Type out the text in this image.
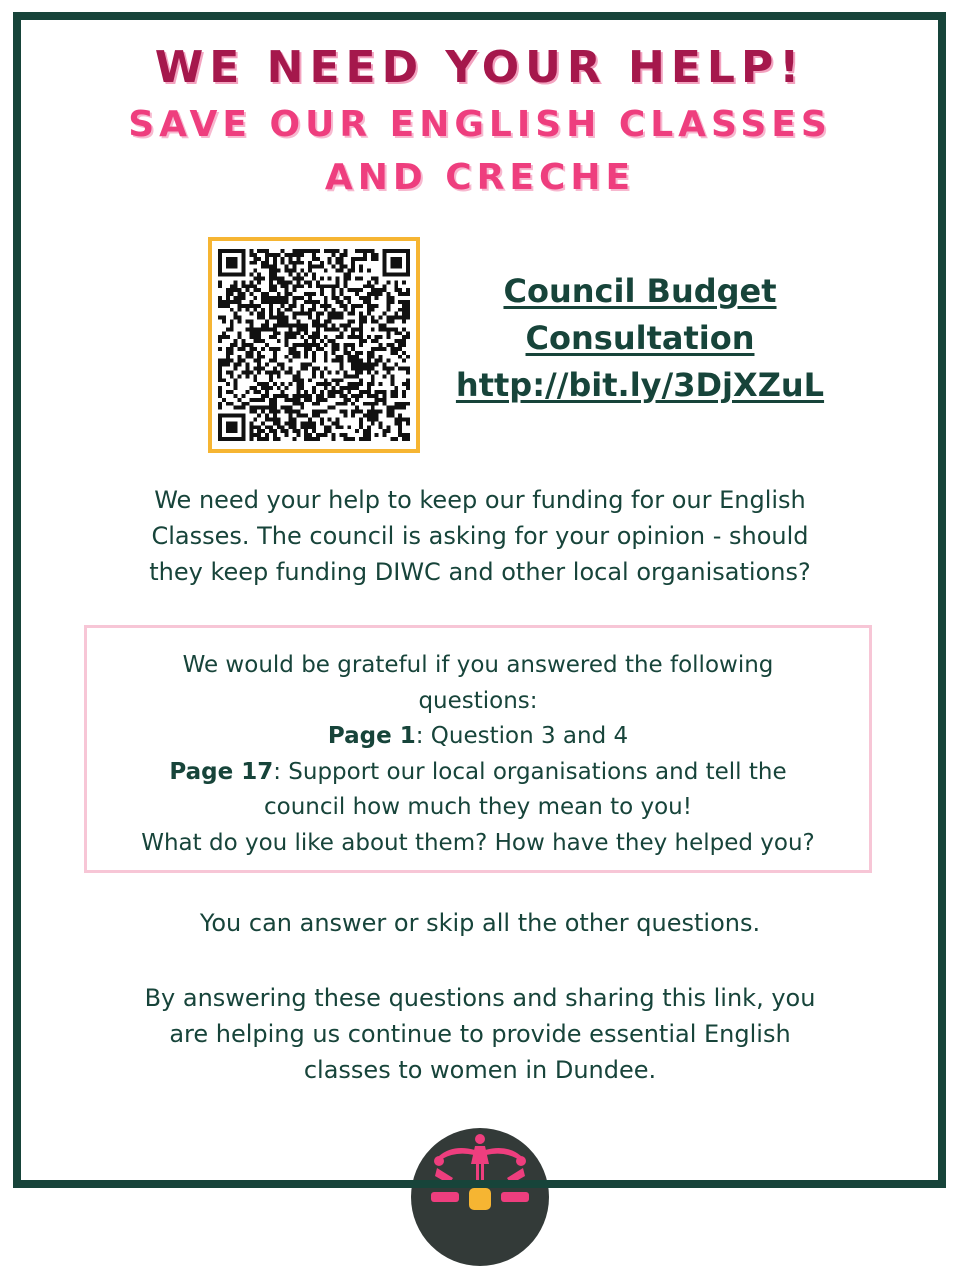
WE NEED YOUR HELP!
SAVE OUR ENGLISH CLASSES
AND CRECHE
Council Budget
Consultation
http://bit.ly/3DjXZuL
We need your help to keep our funding for our English
Classes. The council is asking for your opinion - should
they keep funding DIWC and other local organisations?
We would be grateful if you answered the following
questions:
Page 1: Question 3 and 4
Page 17: Support our local organisations and tell the
council how much they mean to you!
What do you like about them? How have they helped you?
You can answer or skip all the other questions.
By answering these questions and sharing this link, you
are helping us continue to provide essential English
classes to women in Dundee.
